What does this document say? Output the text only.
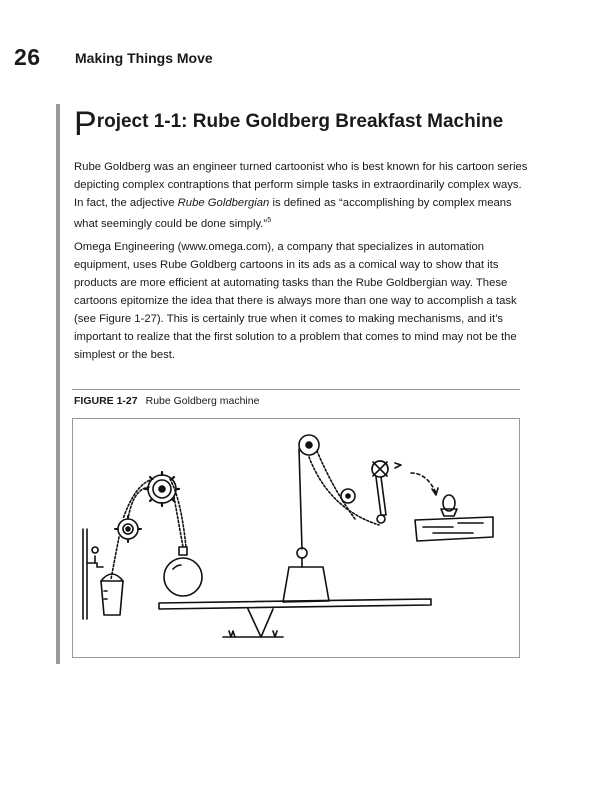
26 Making Things Move
Project 1-1: Rube Goldberg Breakfast Machine

Rube Goldberg was an engineer turned cartoonist who is best known for his cartoon series depicting complex contraptions that perform simple tasks in extraordinarily complex ways. In fact, the adjective Rube Goldbergian is defined as “accomplishing by complex means what seemingly could be done simply.”$^5$

Omega Engineering (www.omega.com), a company that specializes in automation equipment, uses Rube Goldberg cartoons in its ads as a comical way to show that its products are more efficient at automating tasks than the Rube Goldbergian way. These cartoons epitomize the idea that there is always more than one way to accomplish a task (see Figure 1-27). This is certainly true when it comes to making mechanisms, and it’s important to realize that the first solution to a problem that comes to mind may not be the simplest or the best.

FIGURE 1-27 Rube Goldberg machine
